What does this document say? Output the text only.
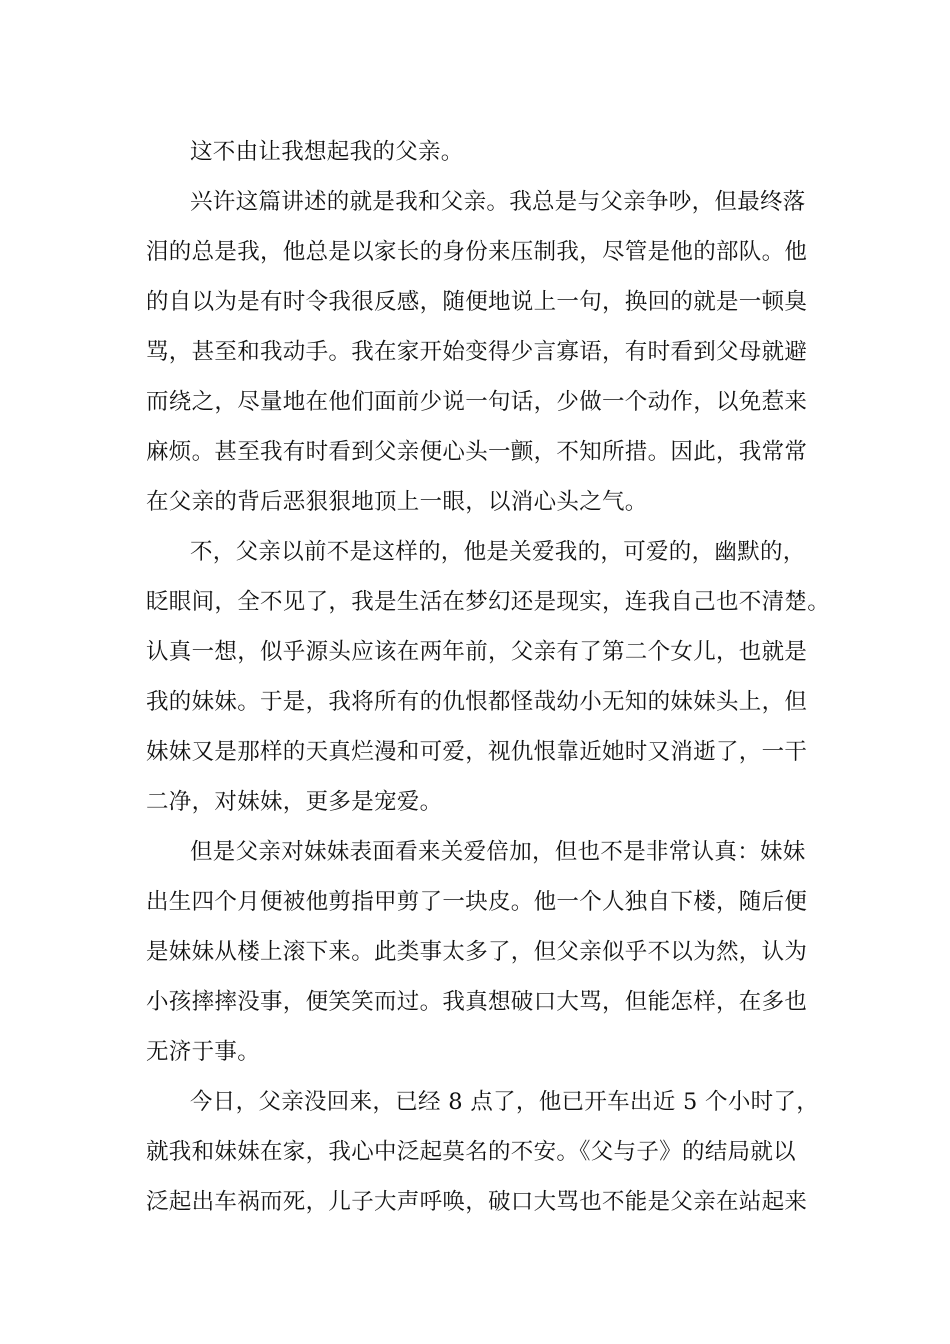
这不由让我想起我的父亲。
兴许这篇讲述的就是我和父亲。我总是与父亲争吵，但最终落
泪的总是我，他总是以家长的身份来压制我，尽管是他的部队。他
的自以为是有时令我很反感，随便地说上一句，换回的就是一顿臭
骂，甚至和我动手。我在家开始变得少言寡语，有时看到父母就避
而绕之，尽量地在他们面前少说一句话，少做一个动作，以免惹来
麻烦。甚至我有时看到父亲便心头一颤，不知所措。因此，我常常
在父亲的背后恶狠狠地顶上一眼，以消心头之气。
不，父亲以前不是这样的，他是关爱我的，可爱的，幽默的，
眨眼间，全不见了，我是生活在梦幻还是现实，连我自己也不清楚。
认真一想，似乎源头应该在两年前，父亲有了第二个女儿，也就是
我的妹妹。于是，我将所有的仇恨都怪哉幼小无知的妹妹头上，但
妹妹又是那样的天真烂漫和可爱，视仇恨靠近她时又消逝了，一干
二净，对妹妹，更多是宠爱。
但是父亲对妹妹表面看来关爱倍加，但也不是非常认真：妹妹
出生四个月便被他剪指甲剪了一块皮。他一个人独自下楼，随后便
是妹妹从楼上滚下来。此类事太多了，但父亲似乎不以为然，认为
小孩摔摔没事，便笑笑而过。我真想破口大骂，但能怎样，在多也
无济于事。
今日，父亲没回来，已经 8 点了，他已开车出近 5 个小时了，
就我和妹妹在家，我心中泛起莫名的不安。《父与子》的结局就以
泛起出车祸而死，儿子大声呼唤，破口大骂也不能是父亲在站起来
